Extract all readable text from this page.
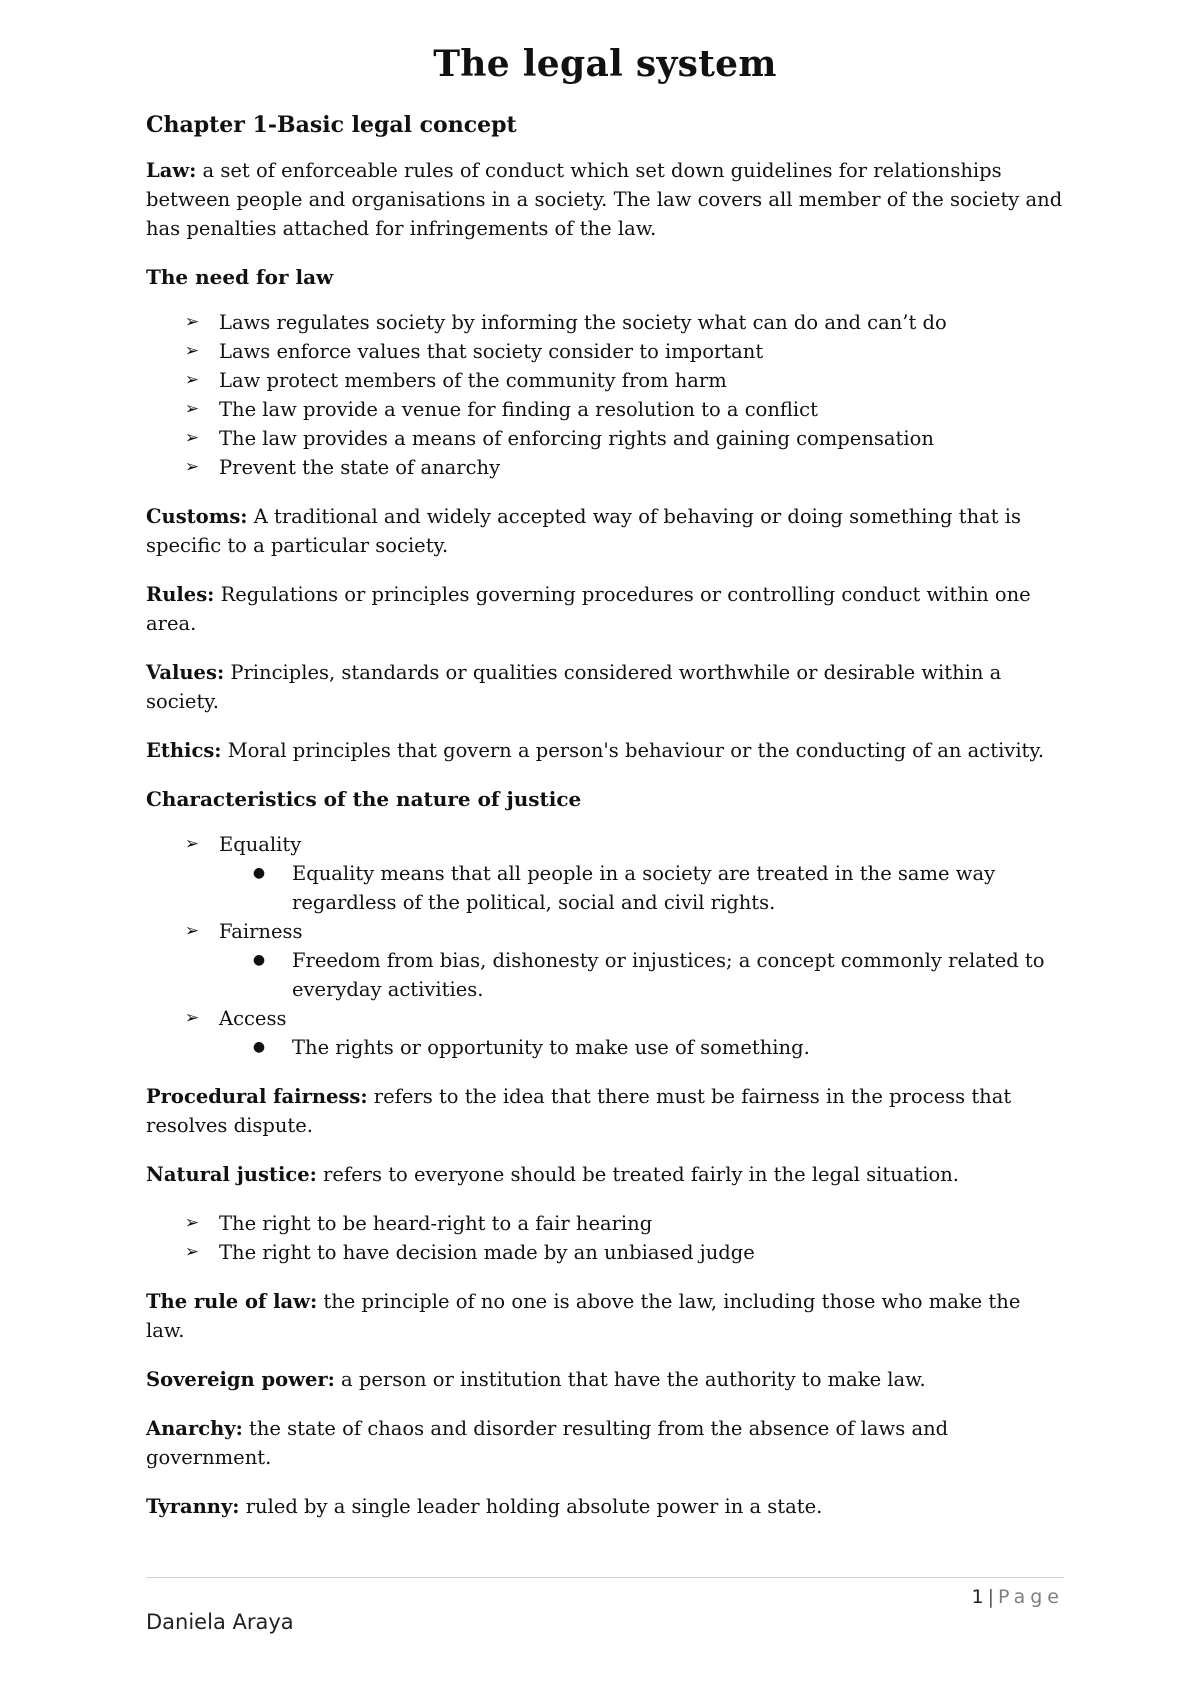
The legal system
Chapter 1-Basic legal concept

Law: a set of enforceable rules of conduct which set down guidelines for relationships between people and organisations in a society. The law covers all member of the society and has penalties attached for infringements of the law.

The need for law
➢ Laws regulates society by informing the society what can do and can’t do
➢ Laws enforce values that society consider to important
➢ Law protect members of the community from harm
➢ The law provide a venue for finding a resolution to a conflict
➢ The law provides a means of enforcing rights and gaining compensation
➢ Prevent the state of anarchy

Customs: A traditional and widely accepted way of behaving or doing something that is specific to a particular society.

Rules: Regulations or principles governing procedures or controlling conduct within one area.

Values: Principles, standards or qualities considered worthwhile or desirable within a society.

Ethics: Moral principles that govern a person's behaviour or the conducting of an activity.

Characteristics of the nature of justice
➢ Equality
● Equality means that all people in a society are treated in the same way regardless of the political, social and civil rights.
➢ Fairness
● Freedom from bias, dishonesty or injustices; a concept commonly related to everyday activities.
➢ Access
● The rights or opportunity to make use of something.

Procedural fairness: refers to the idea that there must be fairness in the process that resolves dispute.

Natural justice: refers to everyone should be treated fairly in the legal situation.

➢ The right to be heard-right to a fair hearing
➢ The right to have decision made by an unbiased judge

The rule of law: the principle of no one is above the law, including those who make the law.

Sovereign power: a person or institution that have the authority to make law.

Anarchy: the state of chaos and disorder resulting from the absence of laws and government.

Tyranny: ruled by a single leader holding absolute power in a state.

1 | Page
Daniela Araya
